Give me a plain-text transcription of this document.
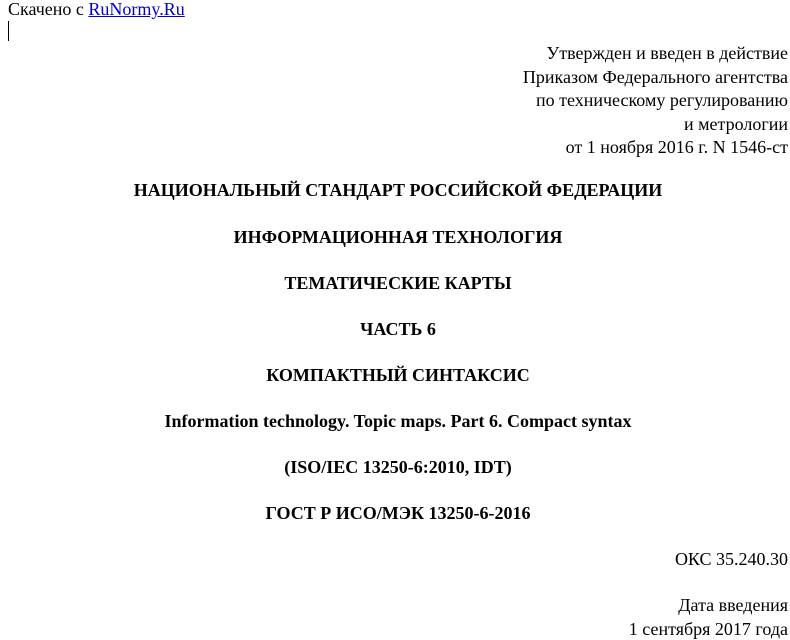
Скачено с RuNormy.Ru
Утвержден и введен в действие
Приказом Федерального агентства
по техническому регулированию
и метрологии
от 1 ноября 2016 г. N 1546-ст
НАЦИОНАЛЬНЫЙ СТАНДАРТ РОССИЙСКОЙ ФЕДЕРАЦИИ
ИНФОРМАЦИОННАЯ ТЕХНОЛОГИЯ
ТЕМАТИЧЕСКИЕ КАРТЫ
ЧАСТЬ 6
КОМПАКТНЫЙ СИНТАКСИС
Information technology. Topic maps. Part 6. Compact syntax
(ISO/IEC 13250-6:2010, IDT)
ГОСТ Р ИСО/МЭК 13250-6-2016
ОКС 35.240.30
Дата введения
1 сентября 2017 года
